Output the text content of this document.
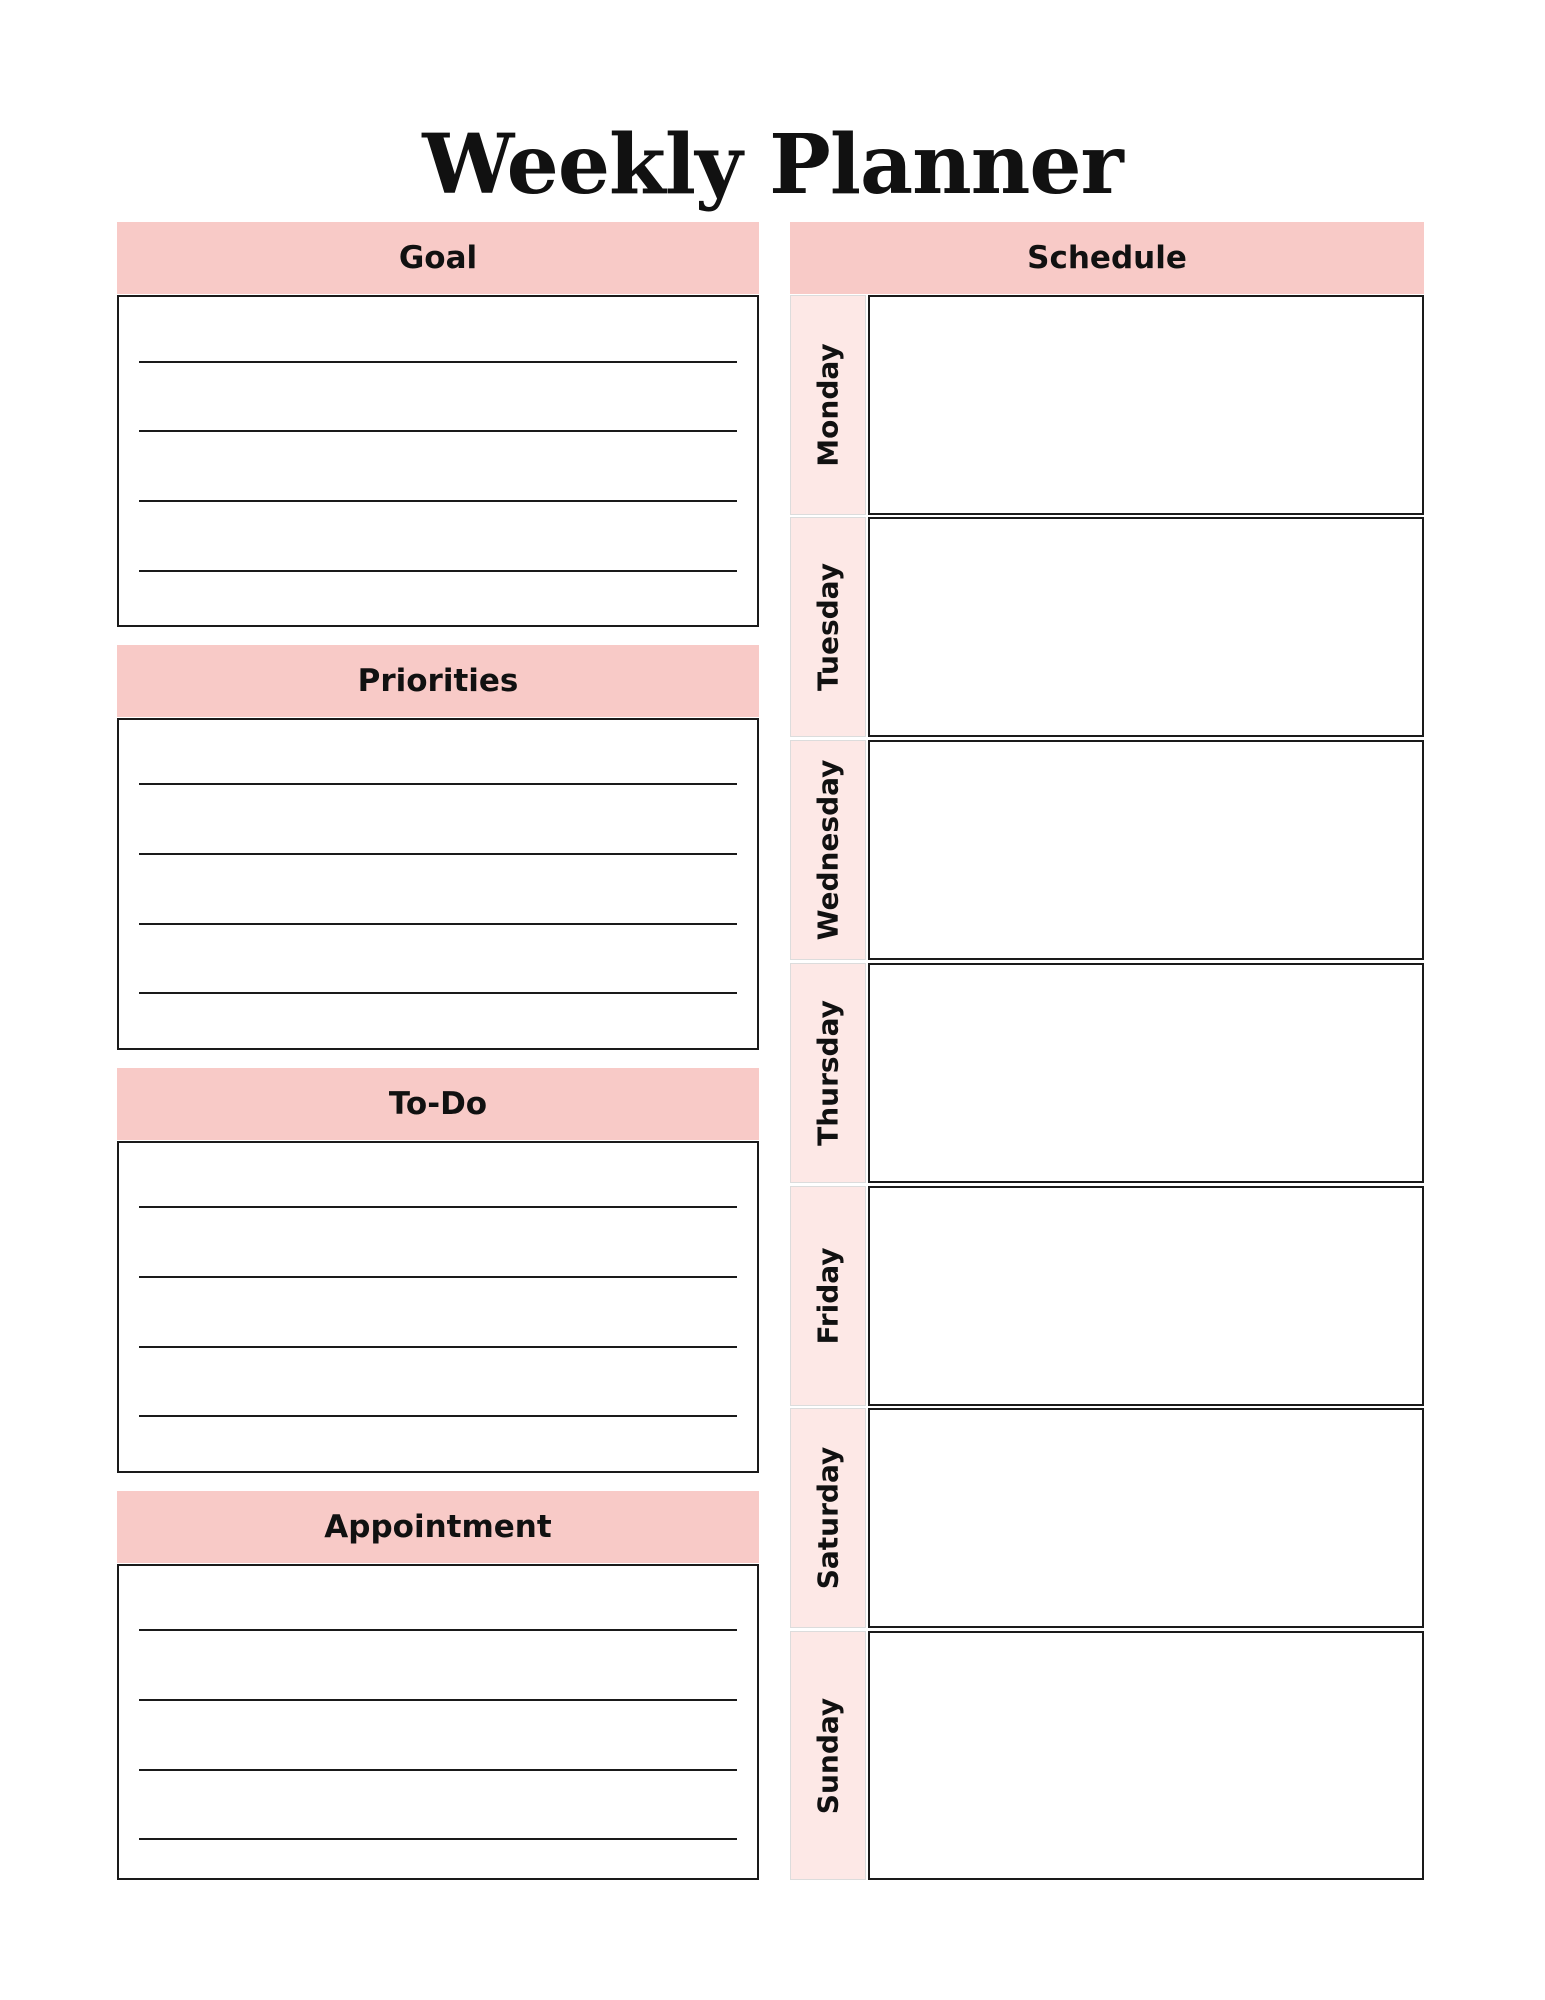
Weekly Planner
Goal
Priorities
To-Do
Appointment
Schedule
Monday
Tuesday
Wednesday
Thursday
Friday
Saturday
Sunday
